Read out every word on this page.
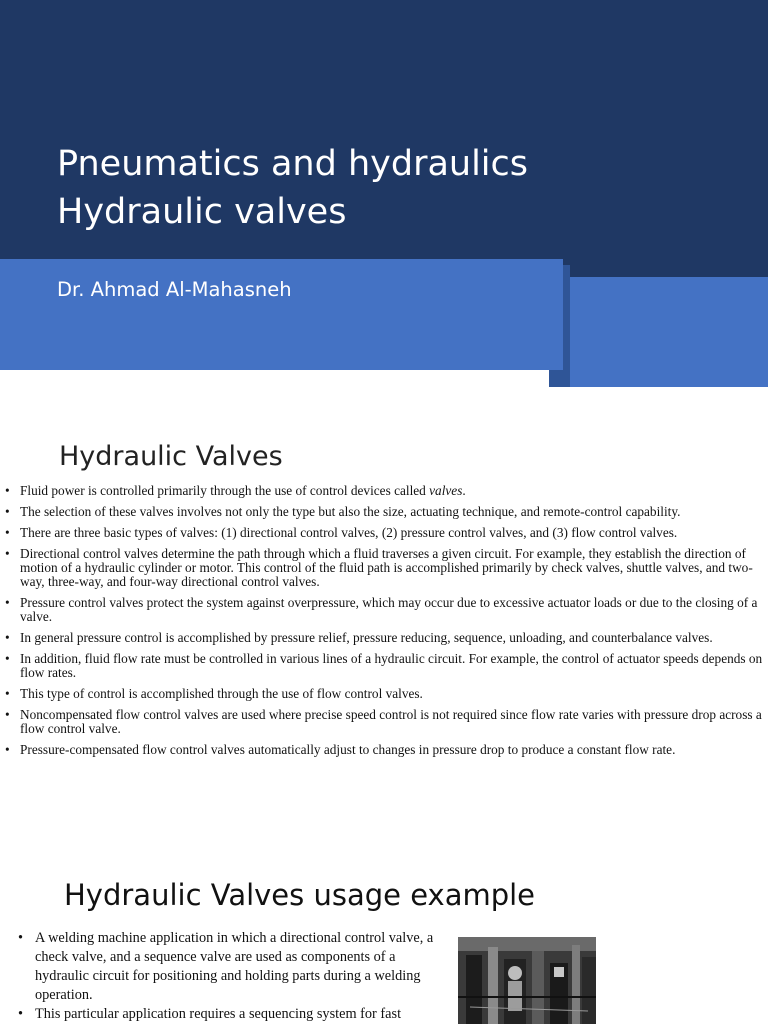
Pneumatics and hydraulics
Hydraulic valves
Dr. Ahmad Al-Mahasneh
Hydraulic Valves
• Fluid power is controlled primarily through the use of control devices called valves.
• The selection of these valves involves not only the type but also the size, actuating technique, and remote-control capability.
• There are three basic types of valves: (1) directional control valves, (2) pressure control valves, and (3) flow control valves.
• Directional control valves determine the path through which a fluid traverses a given circuit. For example, they establish the direction of motion of a hydraulic cylinder or motor. This control of the fluid path is accomplished primarily by check valves, shuttle valves, and two-way, three-way, and four-way directional control valves.
• Pressure control valves protect the system against overpressure, which may occur due to excessive actuator loads or due to the closing of a valve.
• In general pressure control is accomplished by pressure relief, pressure reducing, sequence, unloading, and counterbalance valves.
• In addition, fluid flow rate must be controlled in various lines of a hydraulic circuit. For example, the control of actuator speeds depends on flow rates.
• This type of control is accomplished through the use of flow control valves.
• Noncompensated flow control valves are used where precise speed control is not required since flow rate varies with pressure drop across a flow control valve.
• Pressure-compensated flow control valves automatically adjust to changes in pressure drop to produce a constant flow rate.
Hydraulic Valves usage example
• A welding machine application in which a directional control valve, a check valve, and a sequence valve are used as components of a hydraulic circuit for positioning and holding parts during a welding operation.
• This particular application requires a sequencing system for fast
